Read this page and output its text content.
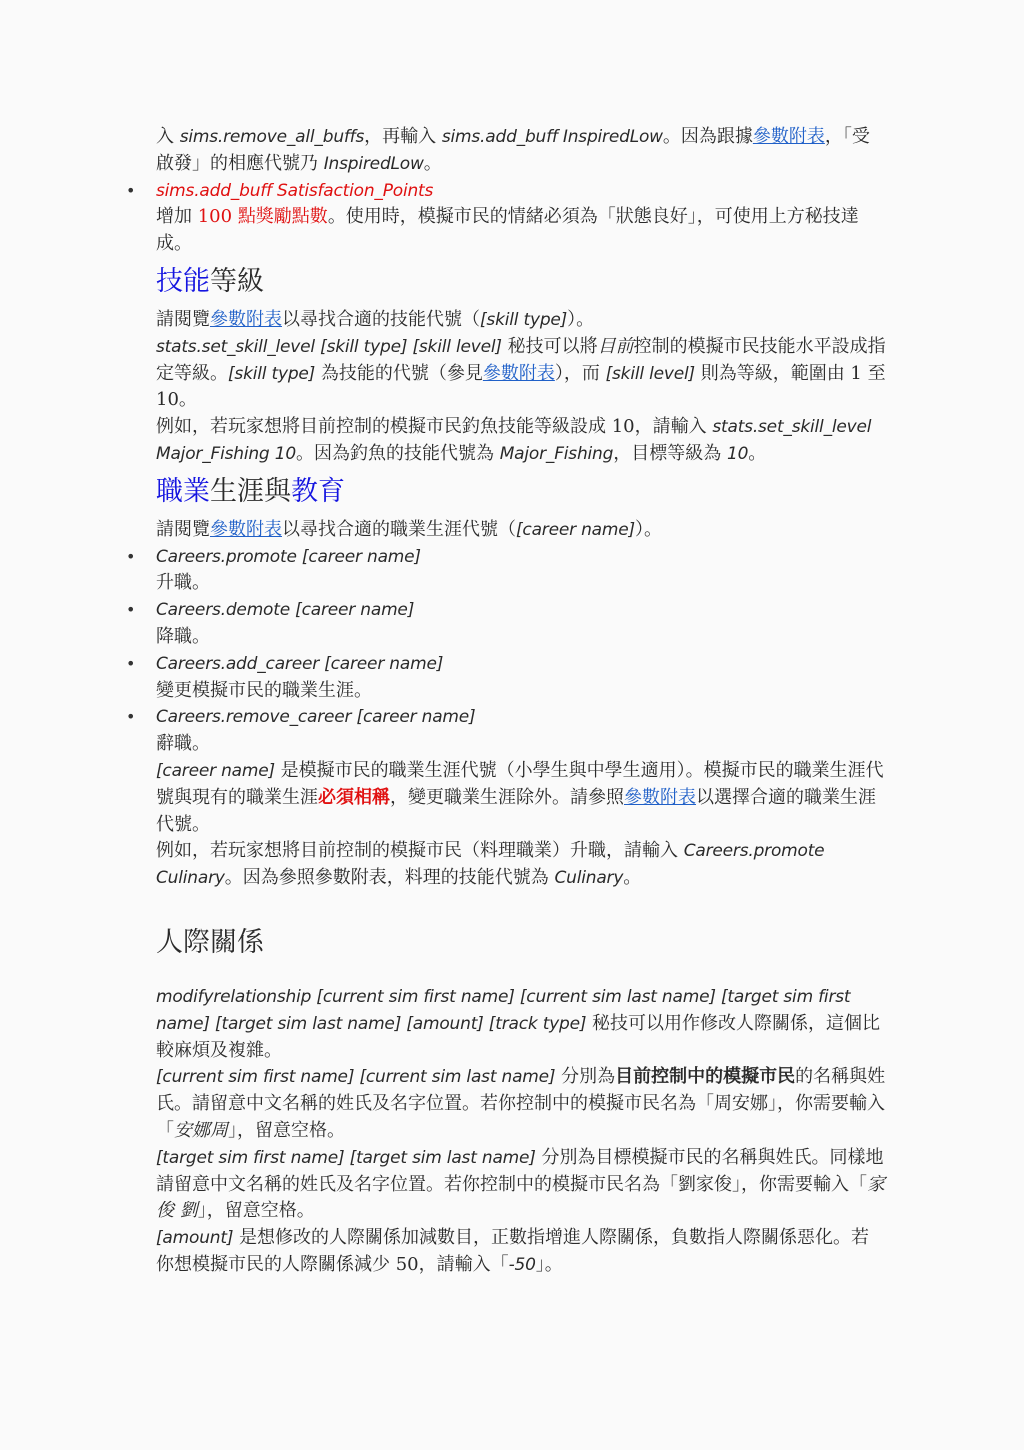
入 sims.remove_all_buffs，再輸入 sims.add_buff InspiredLow。因為跟據參數附表，「受啟發」的相應代號乃 InspiredLow。

• sims.add_buff Satisfaction_Points

增加 100 點獎勵點數。使用時，模擬市民的情緒必須為「狀態良好」，可使用上方秘技達成。

技能等級

請閱覽參數附表以尋找合適的技能代號（[skill type]）。

stats.set_skill_level [skill type] [skill level] 秘技可以將目前控制的模擬市民技能水平設成指定等級。[skill type] 為技能的代號（參見參數附表），而 [skill level] 則為等級，範圍由 1 至 10。

例如，若玩家想將目前控制的模擬市民釣魚技能等級設成 10，請輸入 stats.set_skill_level Major_Fishing 10。因為釣魚的技能代號為 Major_Fishing，目標等級為 10。

職業生涯與教育

請閱覽參數附表以尋找合適的職業生涯代號（[career name]）。

• Careers.promote [career name]

升職。

• Careers.demote [career name]

降職。

• Careers.add_career [career name]

變更模擬市民的職業生涯。

• Careers.remove_career [career name]

辭職。

[career name] 是模擬市民的職業生涯代號（小學生與中學生適用）。模擬市民的職業生涯代號與現有的職業生涯必須相稱，變更職業生涯除外。請參照參數附表以選擇合適的職業生涯代號。

例如，若玩家想將目前控制的模擬市民（料理職業）升職，請輸入 Careers.promote Culinary。因為參照參數附表，料理的技能代號為 Culinary。

人際關係

modifyrelationship [current sim first name] [current sim last name] [target sim first name] [target sim last name] [amount] [track type] 秘技可以用作修改人際關係，這個比較麻煩及複雜。

[current sim first name] [current sim last name] 分別為目前控制中的模擬市民的名稱與姓氏。請留意中文名稱的姓氏及名字位置。若你控制中的模擬市民名為「周安娜」，你需要輸入「安娜周」，留意空格。

[target sim first name] [target sim last name] 分別為目標模擬市民的名稱與姓氏。同樣地請留意中文名稱的姓氏及名字位置。若你控制中的模擬市民名為「劉家俊」，你需要輸入「家俊 劉」，留意空格。

[amount] 是想修改的人際關係加減數目，正數指增進人際關係，負數指人際關係惡化。若你想模擬市民的人際關係減少 50，請輸入「-50」。
